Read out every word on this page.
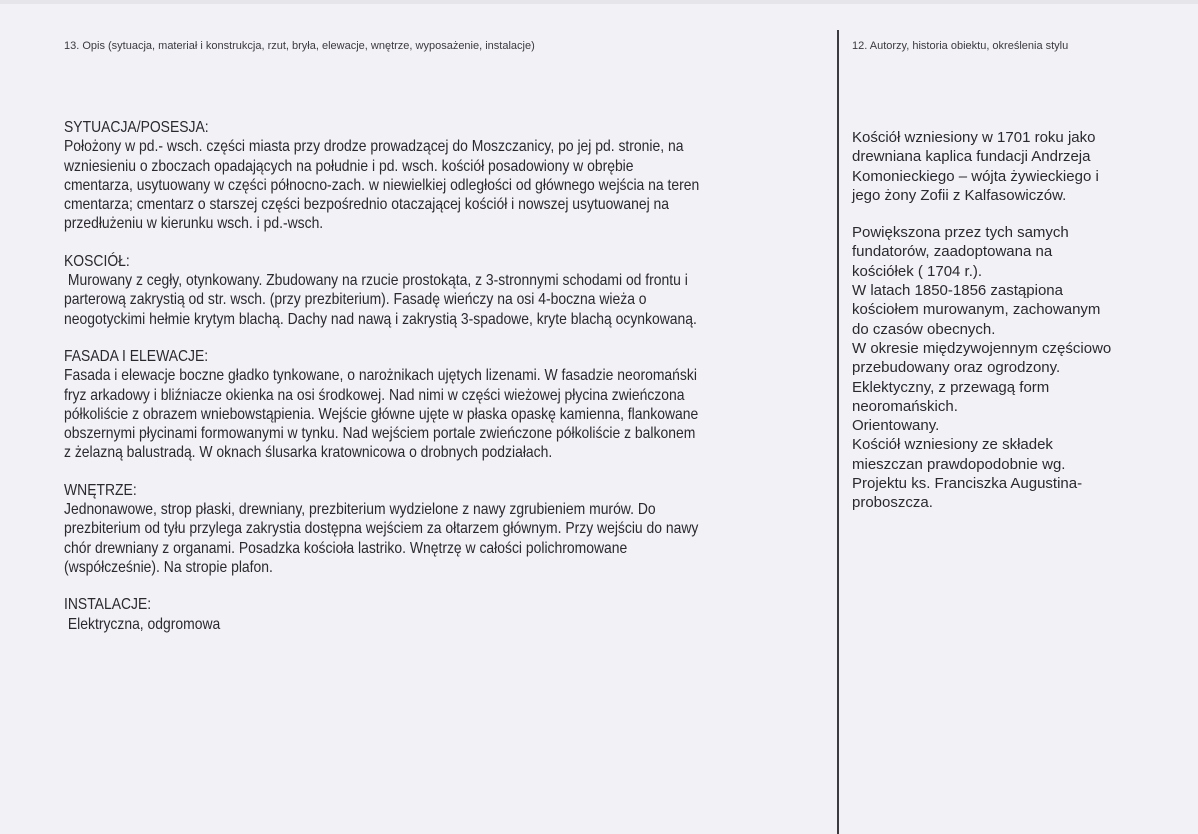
13. Opis (sytuacja, materiał i konstrukcja, rzut, bryła, elewacje, wnętrze, wyposażenie, instalacje)	12. Autorzy, historia obiektu, określenia stylu
SYTUACJA/POSESJA:
Położony w pd.- wsch. części miasta przy drodze prowadzącej do Moszczanicy, po jej pd. stronie, na
wzniesieniu o zboczach opadających na południe i pd. wsch. kościół posadowiony w obrębie
cmentarza, usytuowany w części północno-zach. w niewielkiej odległości od głównego wejścia na teren
cmentarza; cmentarz o starszej części bezpośrednio otaczającej kościół i nowszej usytuowanej na
przedłużeniu w kierunku wsch. i pd.-wsch.
KOSCIÓŁ:
Murowany z cegły, otynkowany. Zbudowany na rzucie prostokąta, z 3-stronnymi schodami od frontu i
parterową zakrystią od str. wsch. (przy prezbiterium). Fasadę wieńczy na osi 4-boczna wieża o
neogotyckimi hełmie krytym blachą. Dachy nad nawą i zakrystią 3-spadowe, kryte blachą ocynkowaną.
FASADA I ELEWACJE:
Fasada i elewacje boczne gładko tynkowane, o narożnikach ujętych lizenami. W fasadzie neoromański
fryz arkadowy i bliźniacze okienka na osi środkowej. Nad nimi w części wieżowej płycina zwieńczona
półkoliście z obrazem wniebowstąpienia. Wejście główne ujęte w płaska opaskę kamienna, flankowane
obszernymi płycinami formowanymi w tynku. Nad wejściem portale zwieńczone półkoliście z balkonem
z żelazną balustradą. W oknach ślusarka kratownicowa o drobnych podziałach.
WNĘTRZE:
Jednonawowe, strop płaski, drewniany, prezbiterium wydzielone z nawy zgrubieniem murów. Do
prezbiterium od tyłu przylega zakrystia dostępna wejściem za ołtarzem głównym. Przy wejściu do nawy
chór drewniany z organami. Posadzka kościoła lastriko. Wnętrzę w całości polichromowane
(współcześnie). Na stropie plafon.
INSTALACJE:
Elektryczna, odgromowa
Kościół wzniesiony w 1701 roku jako
drewniana kaplica fundacji Andrzeja
Komonieckiego – wójta żywieckiego i
jego żony Zofii z Kalfasowiczów.
Powiększona przez tych samych
fundatorów, zaadoptowana na
kościółek ( 1704 r.).
W latach 1850-1856 zastąpiona
kościołem murowanym, zachowanym
do czasów obecnych.
W okresie międzywojennym częściowo
przebudowany oraz ogrodzony.
Eklektyczny, z przewagą form
neoromańskich.
Orientowany.
Kościół wzniesiony ze składek
mieszczan prawdopodobnie wg.
Projektu ks. Franciszka Augustina-
proboszcza.
